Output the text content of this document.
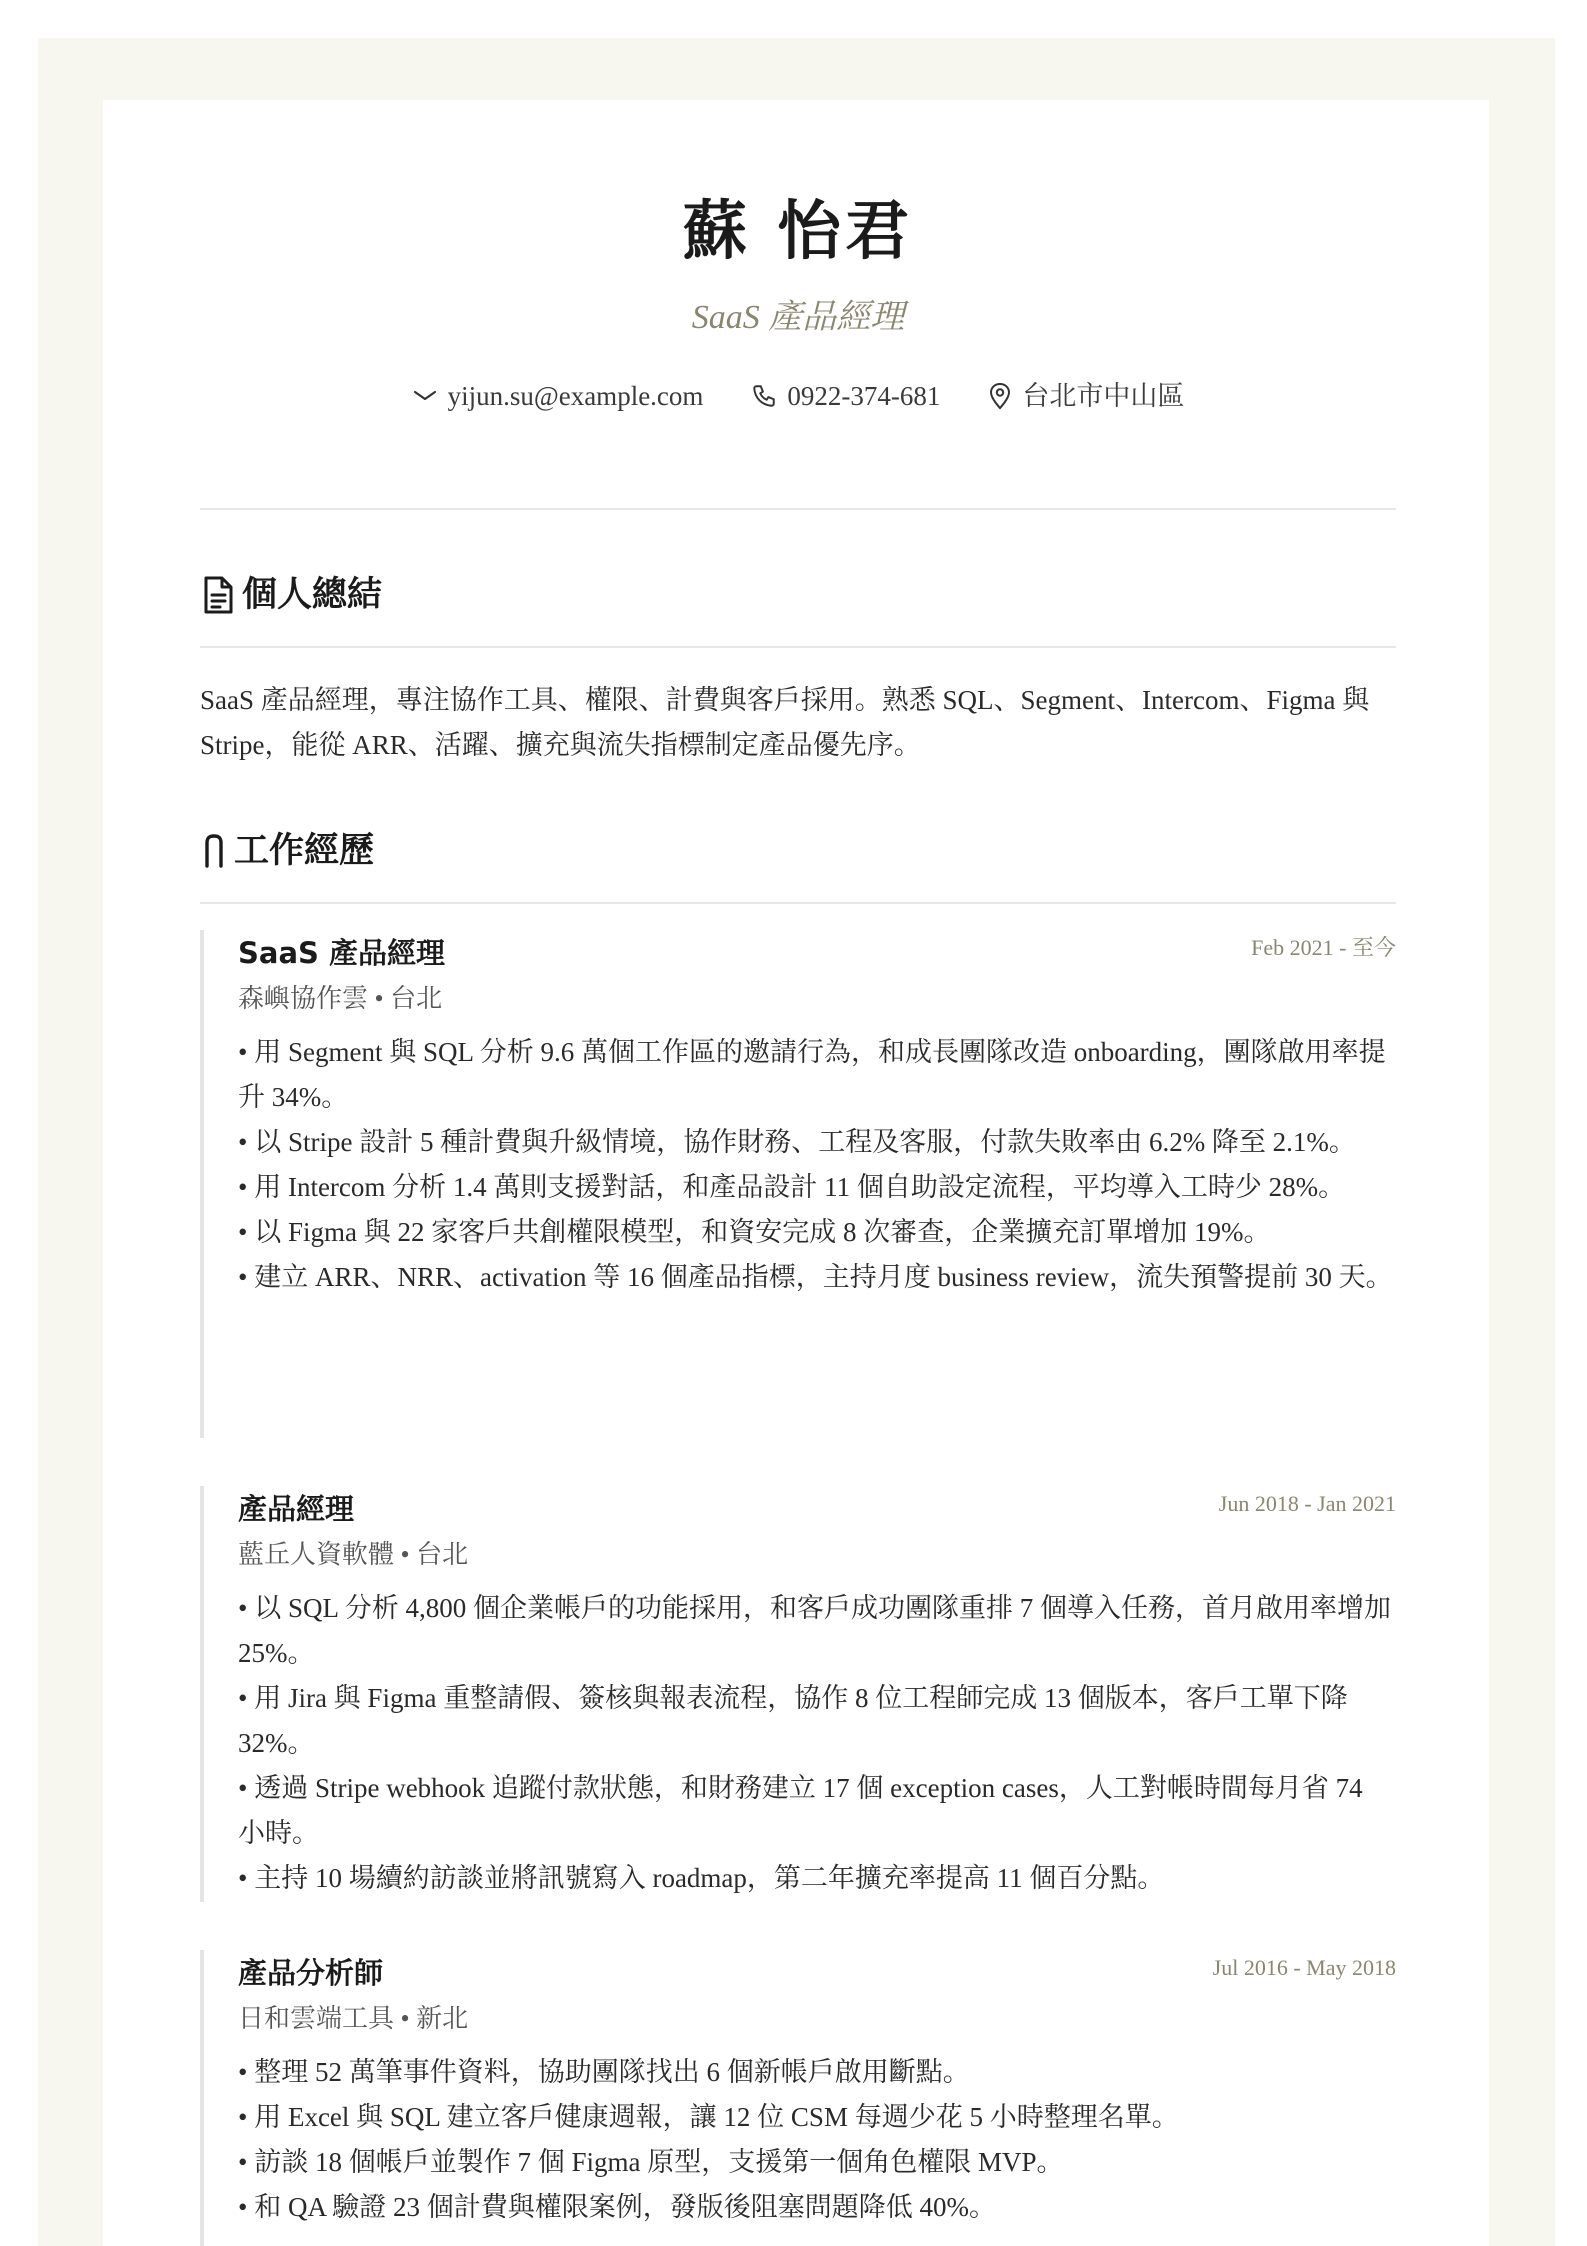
蘇 怡君
SaaS 產品經理
yijun.su@example.com	0922-374-681	台北市中山區
個人總結
SaaS 產品經理，專注協作工具、權限、計費與客戶採用。熟悉 SQL、Segment、Intercom、Figma 與 Stripe，能從 ARR、活躍、擴充與流失指標制定產品優先序。
工作經歷
SaaS 產品經理	Feb 2021 - 至今
森嶼協作雲 • 台北
• 用 Segment 與 SQL 分析 9.6 萬個工作區的邀請行為，和成長團隊改造 onboarding，團隊啟用率提升 34%。
• 以 Stripe 設計 5 種計費與升級情境，協作財務、工程及客服，付款失敗率由 6.2% 降至 2.1%。
• 用 Intercom 分析 1.4 萬則支援對話，和產品設計 11 個自助設定流程，平均導入工時少 28%。
• 以 Figma 與 22 家客戶共創權限模型，和資安完成 8 次審查，企業擴充訂單增加 19%。
• 建立 ARR、NRR、activation 等 16 個產品指標，主持月度 business review，流失預警提前 30 天。
產品經理	Jun 2018 - Jan 2021
藍丘人資軟體 • 台北
• 以 SQL 分析 4,800 個企業帳戶的功能採用，和客戶成功團隊重排 7 個導入任務，首月啟用率增加 25%。
• 用 Jira 與 Figma 重整請假、簽核與報表流程，協作 8 位工程師完成 13 個版本，客戶工單下降 32%。
• 透過 Stripe webhook 追蹤付款狀態，和財務建立 17 個 exception cases，人工對帳時間每月省 74 小時。
• 主持 10 場續約訪談並將訊號寫入 roadmap，第二年擴充率提高 11 個百分點。
產品分析師	Jul 2016 - May 2018
日和雲端工具 • 新北
• 整理 52 萬筆事件資料，協助團隊找出 6 個新帳戶啟用斷點。
• 用 Excel 與 SQL 建立客戶健康週報，讓 12 位 CSM 每週少花 5 小時整理名單。
• 訪談 18 個帳戶並製作 7 個 Figma 原型，支援第一個角色權限 MVP。
• 和 QA 驗證 23 個計費與權限案例，發版後阻塞問題降低 40%。
